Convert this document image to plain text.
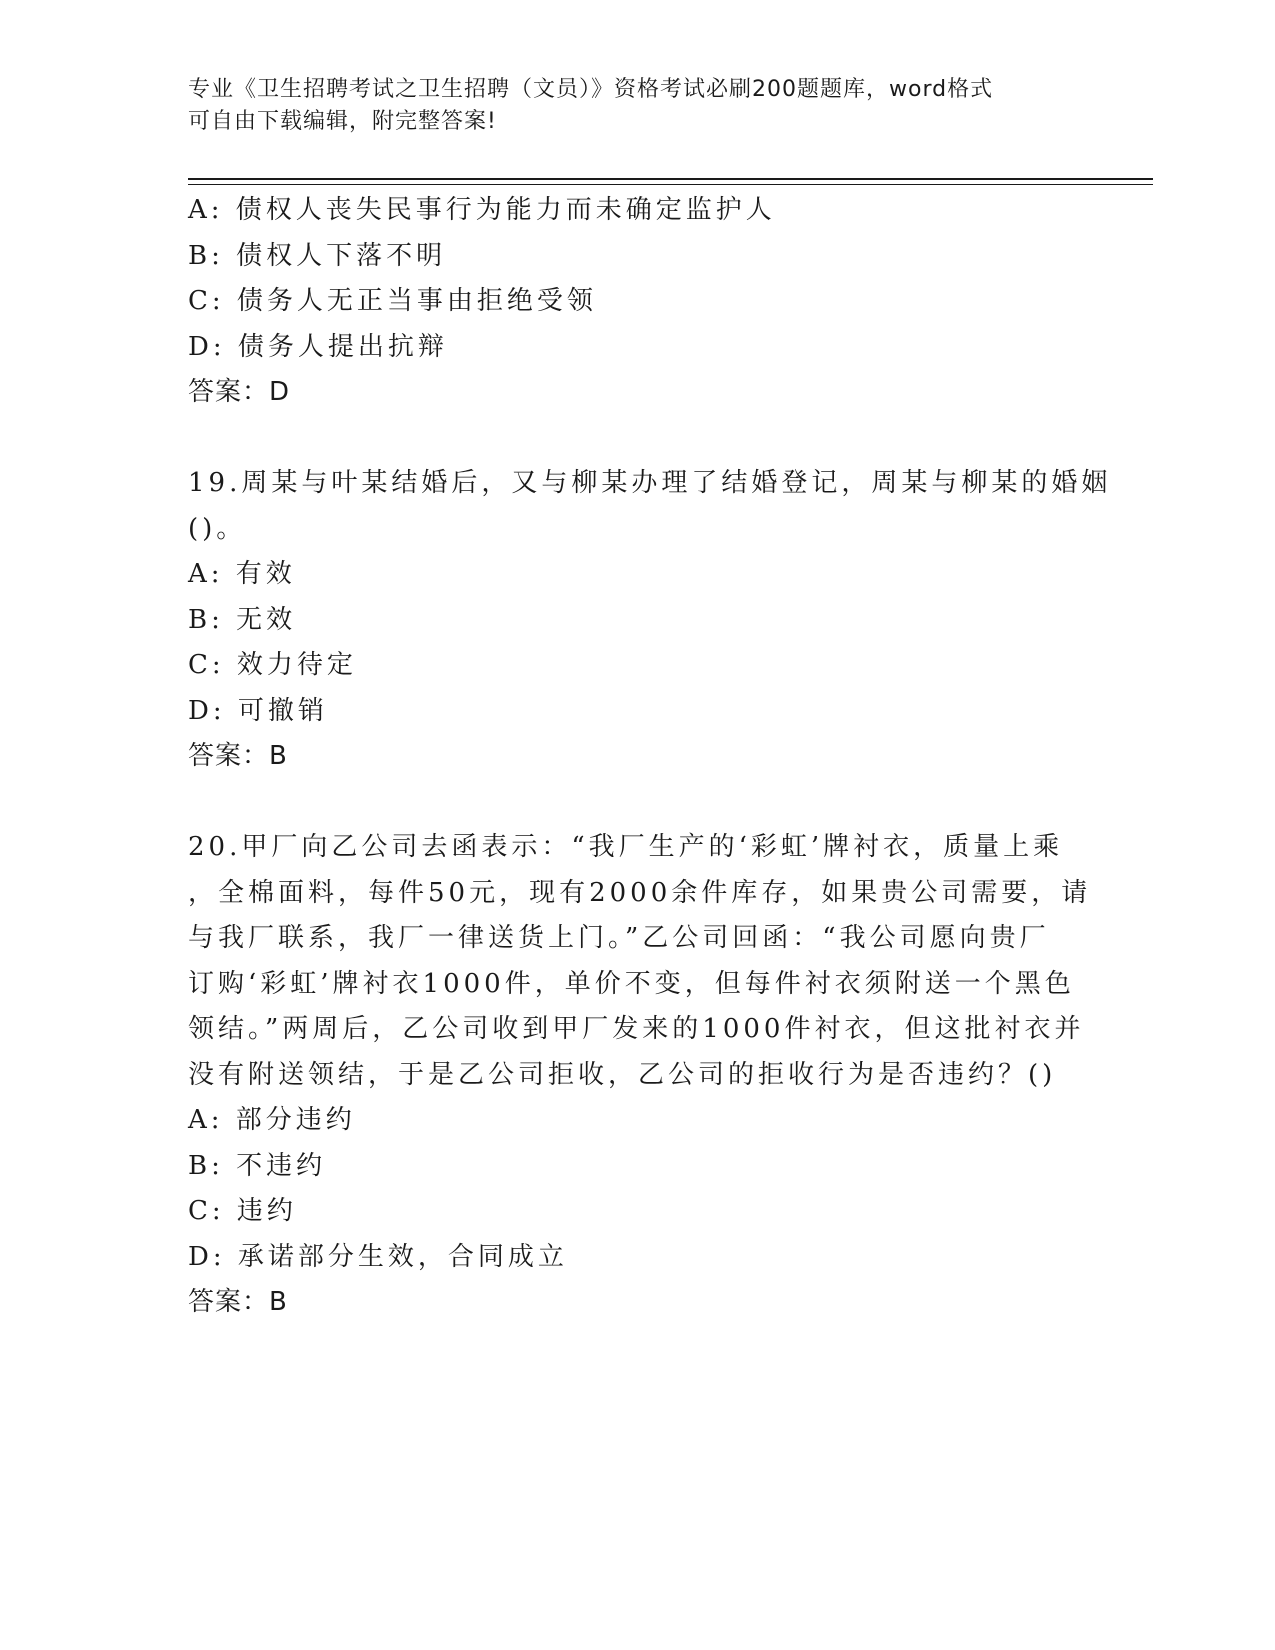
专业《卫生招聘考试之卫生招聘（文员）》资格考试必刷200题题库，word格式
可自由下载编辑，附完整答案!
A: 债权人丧失民事行为能力而未确定监护人
B: 债权人下落不明
C: 债务人无正当事由拒绝受领
D: 债务人提出抗辩
答案：D
19.周某与叶某结婚后，又与柳某办理了结婚登记，周某与柳某的婚姻
()。
A: 有效
B: 无效
C: 效力待定
D: 可撤销
答案：B
20.甲厂向乙公司去函表示：“我厂生产的‘彩虹’牌衬衣，质量上乘
，全棉面料，每件50元，现有2000余件库存，如果贵公司需要，请
与我厂联系，我厂一律送货上门。”乙公司回函：“我公司愿向贵厂
订购‘彩虹’牌衬衣1000件，单价不变，但每件衬衣须附送一个黑色
领结。”两周后，乙公司收到甲厂发来的1000件衬衣，但这批衬衣并
没有附送领结，于是乙公司拒收，乙公司的拒收行为是否违约？()
A: 部分违约
B: 不违约
C: 违约
D: 承诺部分生效，合同成立
答案：B
